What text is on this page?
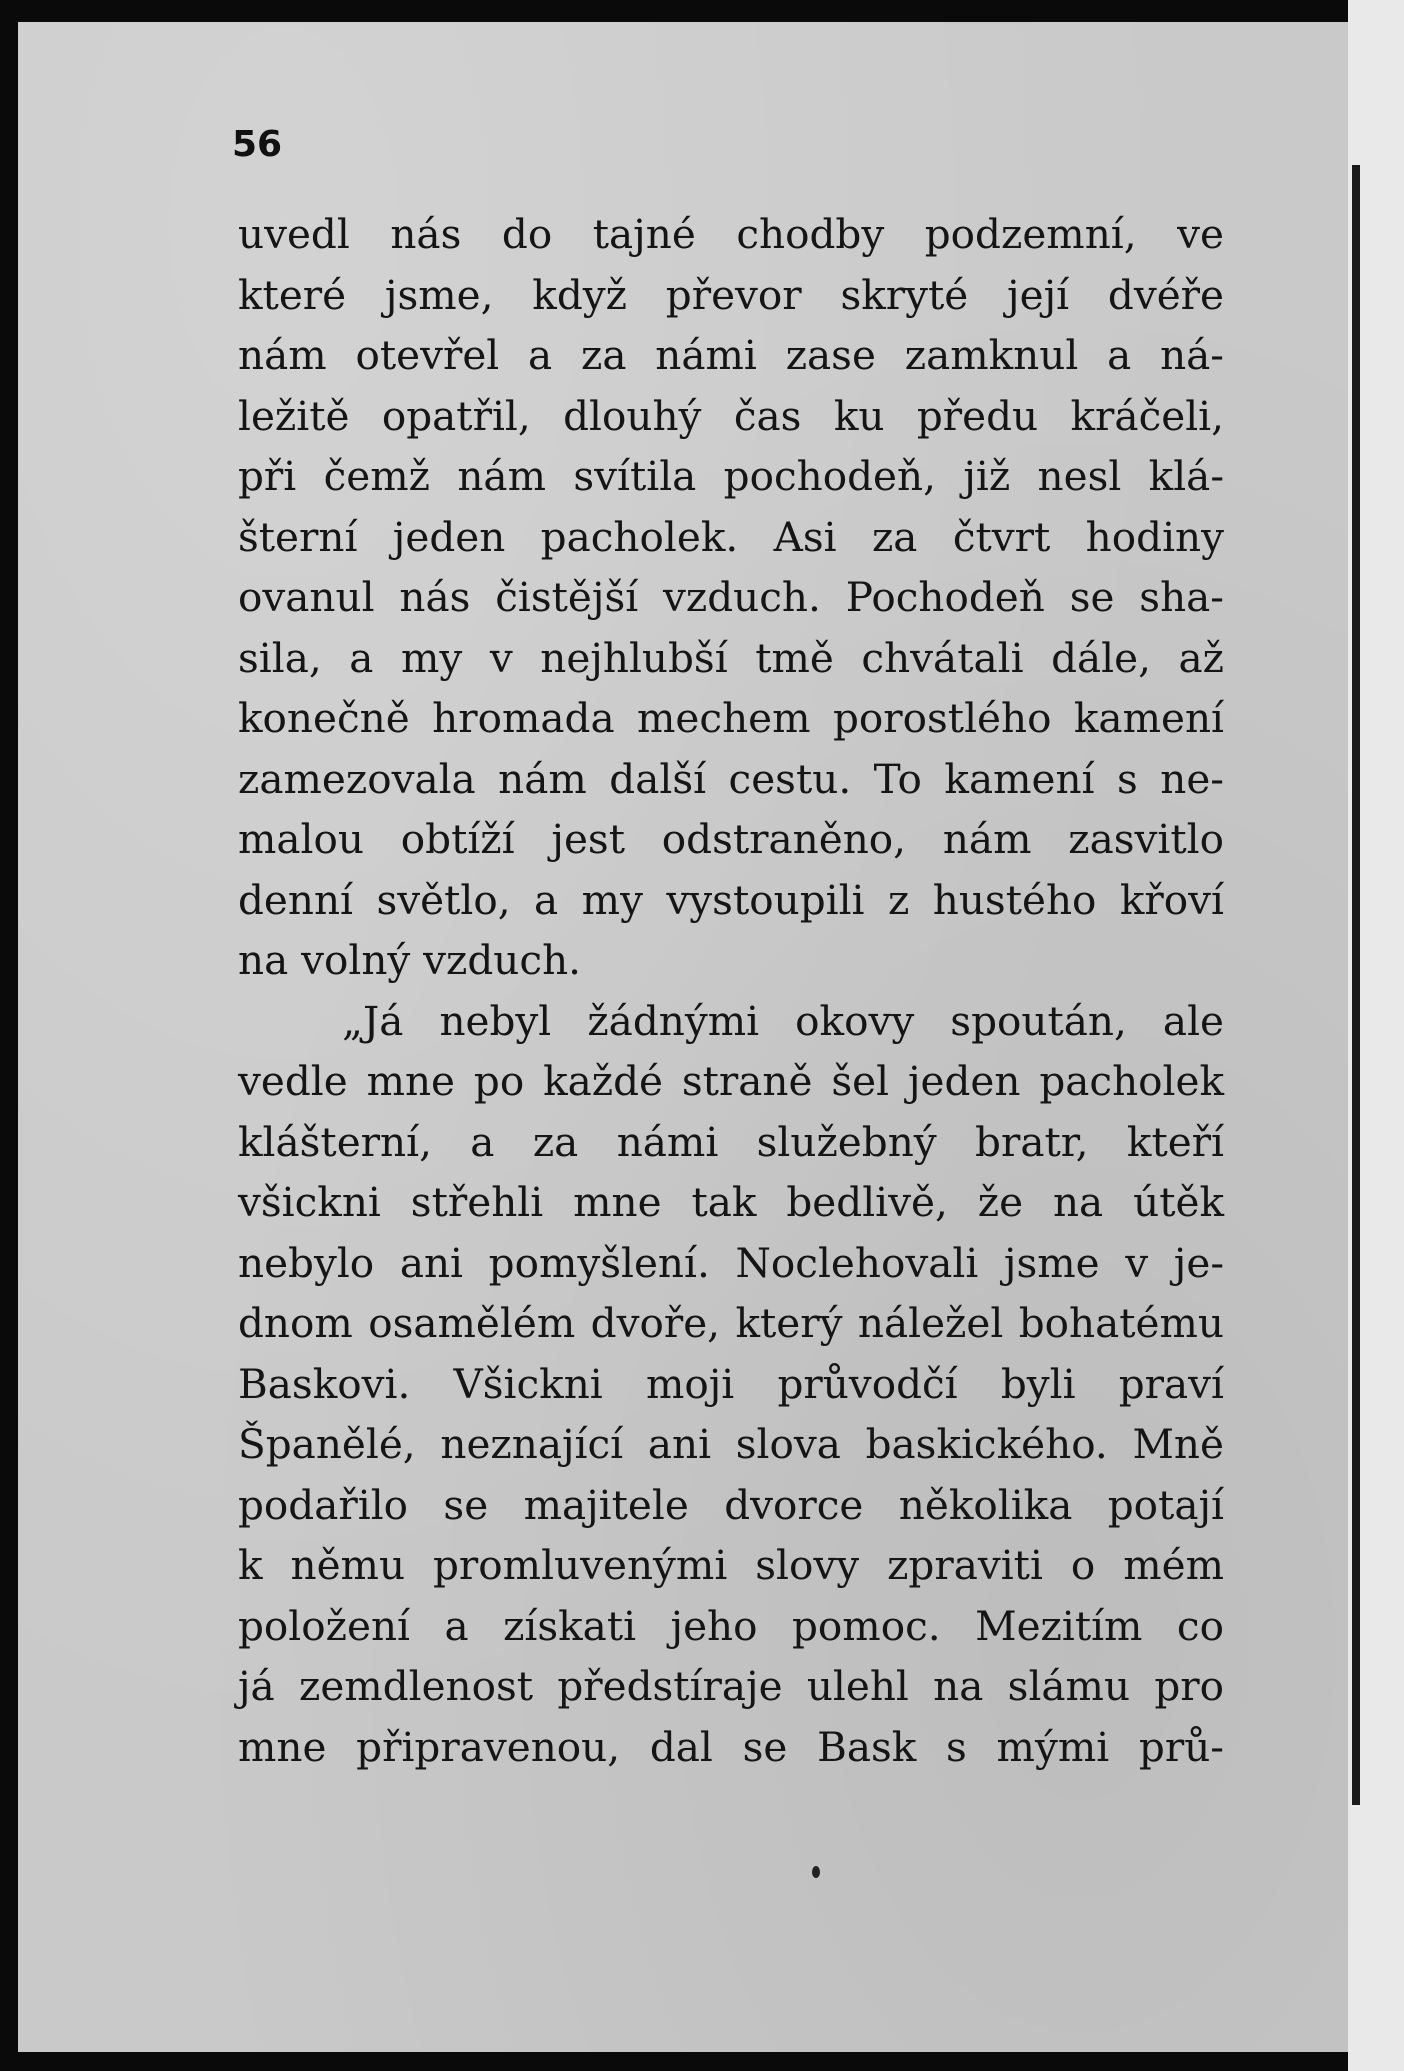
56

uvedl nás do tajné chodby podzemní, ve
které jsme, když převor skryté její dvéře
nám otevřel a za námi zase zamknul a ná-
ležitě opatřil, dlouhý čas ku předu kráčeli,
při čemž nám svítila pochodeň, již nesl klá-
šterní jeden pacholek. Asi za čtvrt hodiny
ovanul nás čistější vzduch. Pochodeň se sha-
sila, a my v nejhlubší tmě chvátali dále, až
konečně hromada mechem porostlého kamení
zamezovala nám další cestu. To kamení s ne-
malou obtíží jest odstraněno, nám zasvitlo
denní světlo, a my vystoupili z hustého křoví
na volný vzduch.
„Já nebyl žádnými okovy spoután, ale
vedle mne po každé straně šel jeden pacholek
klášterní, a za námi služebný bratr, kteří
všickni střehli mne tak bedlivě, že na útěk
nebylo ani pomyšlení. Noclehovali jsme v je-
dnom osamělém dvoře, který náležel bohatému
Baskovi. Všickni moji průvodčí byli praví
Španělé, neznající ani slova baskického. Mně
podařilo se majitele dvorce několika potají
k němu promluvenými slovy zpraviti o mém
položení a získati jeho pomoc. Mezitím co
já zemdlenost předstíraje ulehl na slámu pro
mne připravenou, dal se Bask s mými prů-
